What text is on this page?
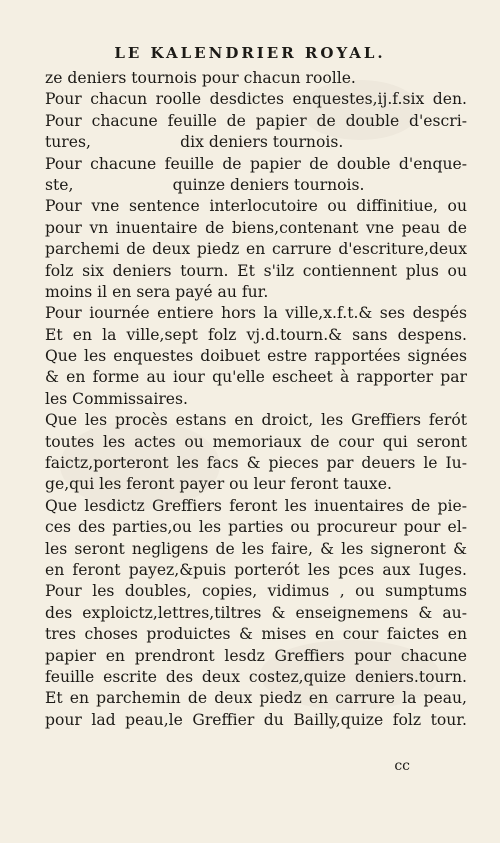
LE KALENDRIER ROYAL.
ze deniers tournois pour chacun roolle.
Pour chacun roolle desdictes enquestes,ij.f.six den.
Pour chacune feuille de papier de double d'escri-
tures,                  dix deniers tournois.
Pour chacune feuille de papier de double d'enque-
ste,                    quinze deniers tournois.
Pour vne sentence interlocutoire ou diffinitiue, ou
pour vn inuentaire de biens,contenant vne peau de
parchemi de deux piedz en carrure d'escriture,deux
folz six deniers tourn. Et s'ilz contiennent plus ou
moins il en sera payé au fur.
Pour iournée entiere hors la ville,x.f.t.& ses despés
Et en la ville,sept folz vj.d.tourn.& sans despens.
Que les enquestes doibuet estre rapportées signées
& en forme au iour qu'elle escheet à rapporter par
les Commissaires.
Que les procès estans en droict, les Greffiers ferót
toutes les actes ou memoriaux de cour qui seront
faictz,porteront les facs & pieces par deuers le Iu-
ge,qui les feront payer ou leur feront tauxe.
Que lesdictz Greffiers feront les inuentaires de pie-
ces des parties,ou les parties ou procureur pour el-
les seront negligens de les faire, & les signeront &
en feront payez,&puis porterót les pces aux Iuges.
Pour les doubles, copies, vidimus , ou sumptums
des exploictz,lettres,tiltres & enseignemens & au-
tres choses produictes & mises en cour faictes en
papier en prendront lesdz Greffiers pour chacune
feuille escrite des deux costez,quize deniers.tourn.
Et en parchemin de deux piedz en carrure la peau,
pour lad peau,le Greffier du Bailly,quize folz tour.
cc
